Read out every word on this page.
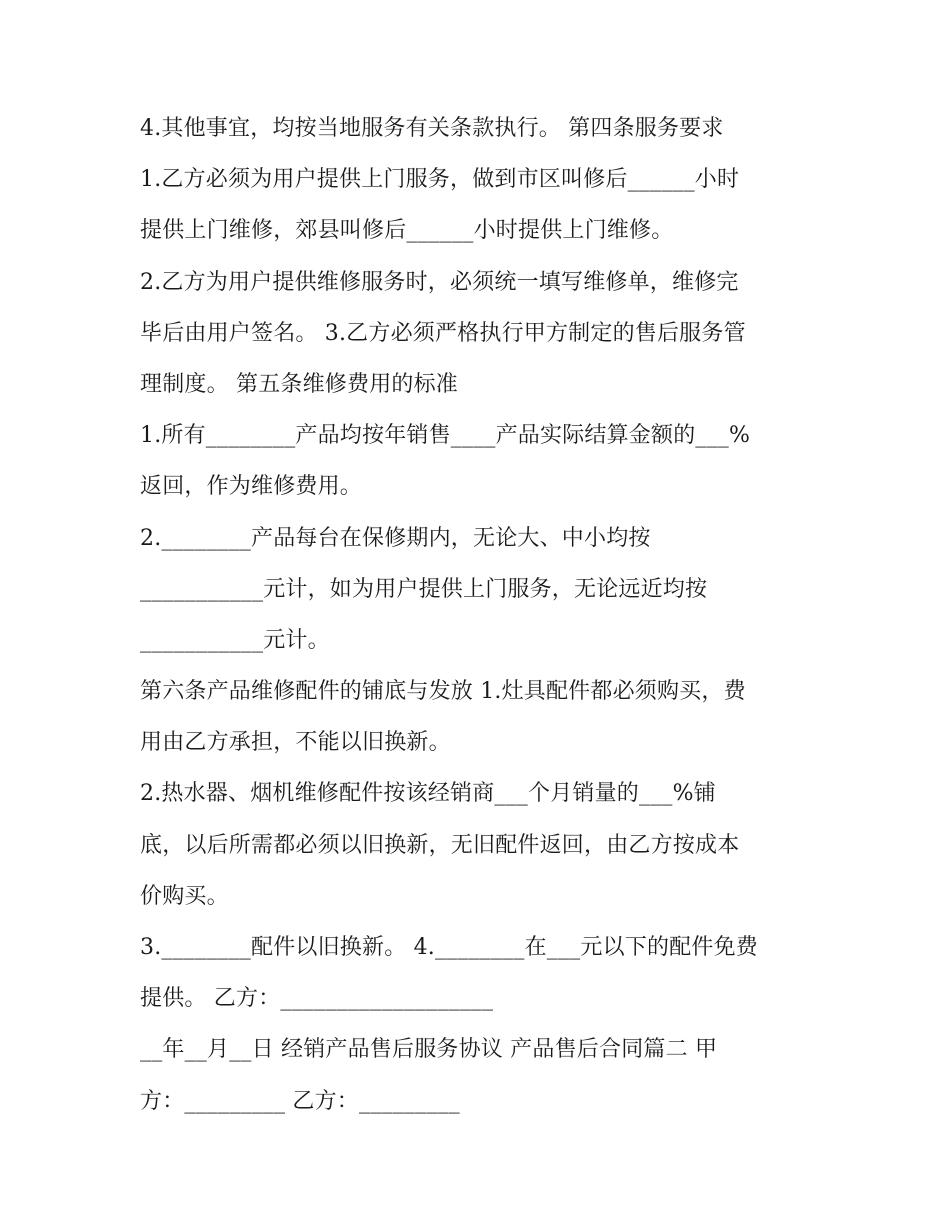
4.其他事宜，均按当地服务有关条款执行。 第四条服务要求
1.乙方必须为用户提供上门服务，做到市区叫修后______小时
提供上门维修，郊县叫修后______小时提供上门维修。
2.乙方为用户提供维修服务时，必须统一填写维修单，维修完
毕后由用户签名。 3.乙方必须严格执行甲方制定的售后服务管
理制度。 第五条维修费用的标准
1.所有________产品均按年销售____产品实际结算金额的___%
返回，作为维修费用。
2.________产品每台在保修期内，无论大、中小均按
___________元计，如为用户提供上门服务，无论远近均按
___________元计。
第六条产品维修配件的铺底与发放 1.灶具配件都必须购买，费
用由乙方承担，不能以旧换新。
2.热水器、烟机维修配件按该经销商___个月销量的___%铺
底，以后所需都必须以旧换新，无旧配件返回，由乙方按成本
价购买。
3.________配件以旧换新。 4.________在___元以下的配件免费
提供。 乙方：___________________
__年__月__日 经销产品售后服务协议 产品售后合同篇二 甲
方：_________ 乙方：_________
